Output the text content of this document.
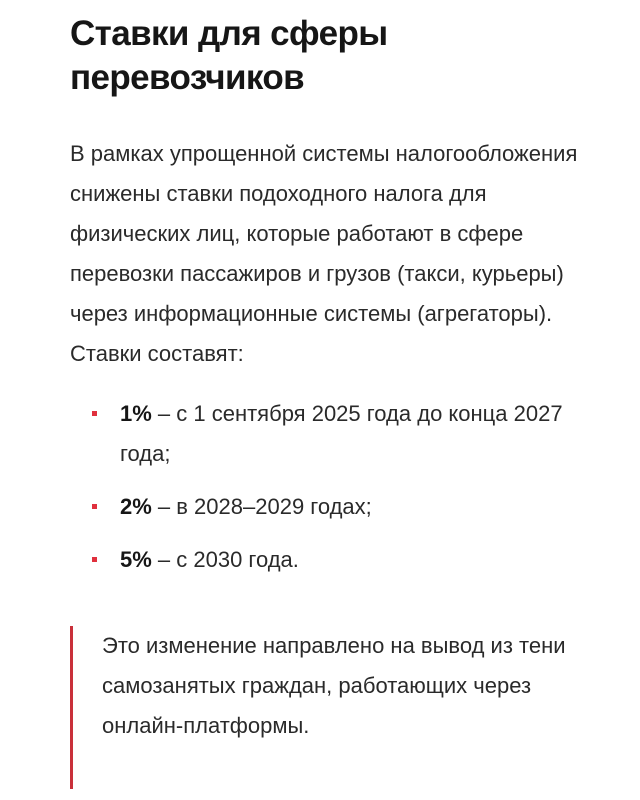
Ставки для сферы
перевозчиков

В рамках упрощенной системы налогообложения снижены ставки подоходного налога для физических лиц, которые работают в сфере перевозки пассажиров и грузов (такси, курьеры) через информационные системы (агрегаторы). Ставки составят:

1% – с 1 сентября 2025 года до конца 2027 года;
2% – в 2028–2029 годах;
5% – с 2030 года.
Это изменение направлено на вывод из тени самозанятых граждан, работающих через онлайн-платформы.
